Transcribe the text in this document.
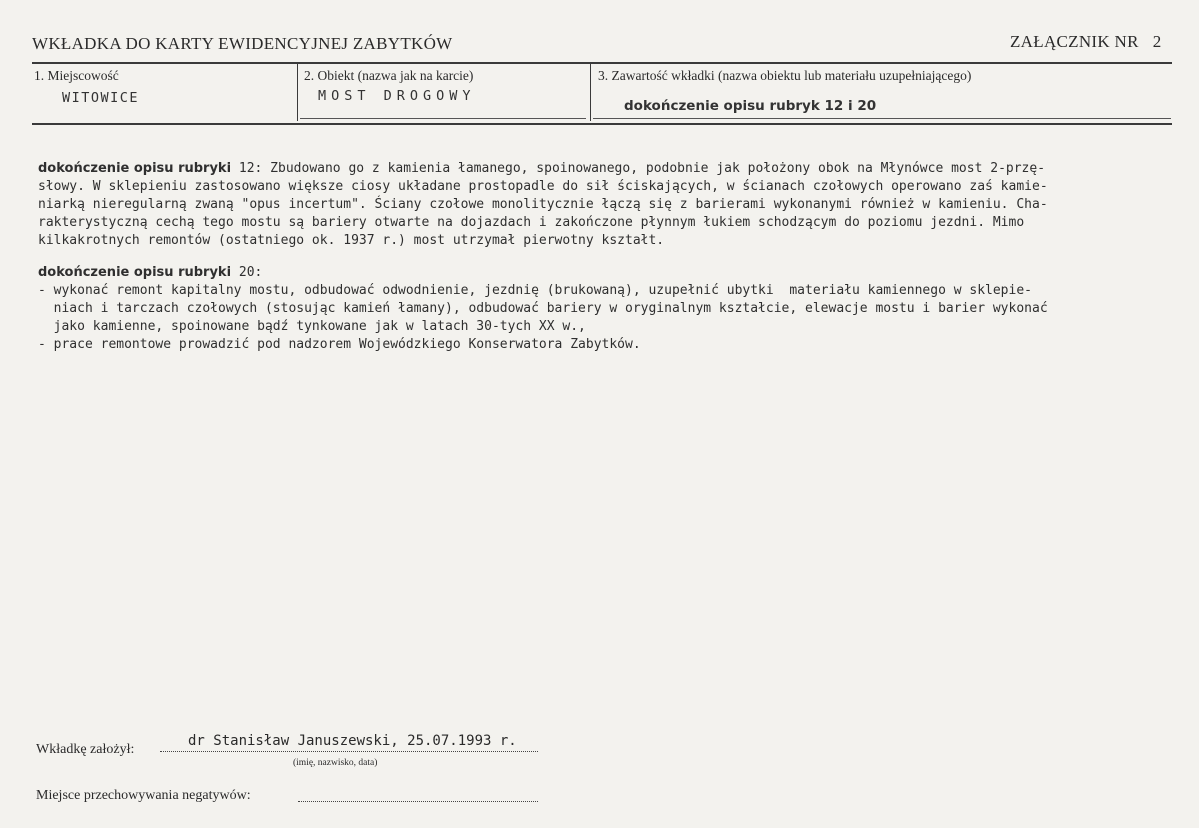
WKŁADKA DO KARTY EWIDENCYJNEJ ZABYTKÓW	ZAŁĄCZNIK NR 2
1. Miejscowość
WITOWICE
2. Obiekt (nazwa jak na karcie)
MOST DROGOWY
3. Zawartość wkładki (nazwa obiektu lub materiału uzupełniającego)
dokończenie opisu rubryk 12 i 20
dokończenie opisu rubryki 12: Zbudowano go z kamienia łamanego, spoinowanego, podobnie jak położony obok na Młynówce most 2-przę-
słowy. W sklepieniu zastosowano większe ciosy układane prostopadle do sił ściskających, w ścianach czołowych operowano zaś kamie-
niarką nieregularną zwaną "opus incertum". Ściany czołowe monolitycznie łączą się z barierami wykonanymi również w kamieniu. Cha-
rakterystyczną cechą tego mostu są bariery otwarte na dojazdach i zakończone płynnym łukiem schodzącym do poziomu jezdni. Mimo
kilkakrotnych remontów (ostatniego ok. 1937 r.) most utrzymał pierwotny kształt.
dokończenie opisu rubryki 20:
- wykonać remont kapitalny mostu, odbudować odwodnienie, jezdnię (brukowaną), uzupełnić ubytki  materiału kamiennego w sklepie-
niach i tarczach czołowych (stosując kamień łamany), odbudować bariery w oryginalnym kształcie, elewacje mostu i barier wykonać
jako kamienne, spoinowane bądź tynkowane jak w latach 30-tych XX w.,
- prace remontowe prowadzić pod nadzorem Wojewódzkiego Konserwatora Zabytków.
Wkładkę założył:
dr Stanisław Januszewski, 25.07.1993 r.
(imię, nazwisko, data)
Miejsce przechowywania negatywów:
